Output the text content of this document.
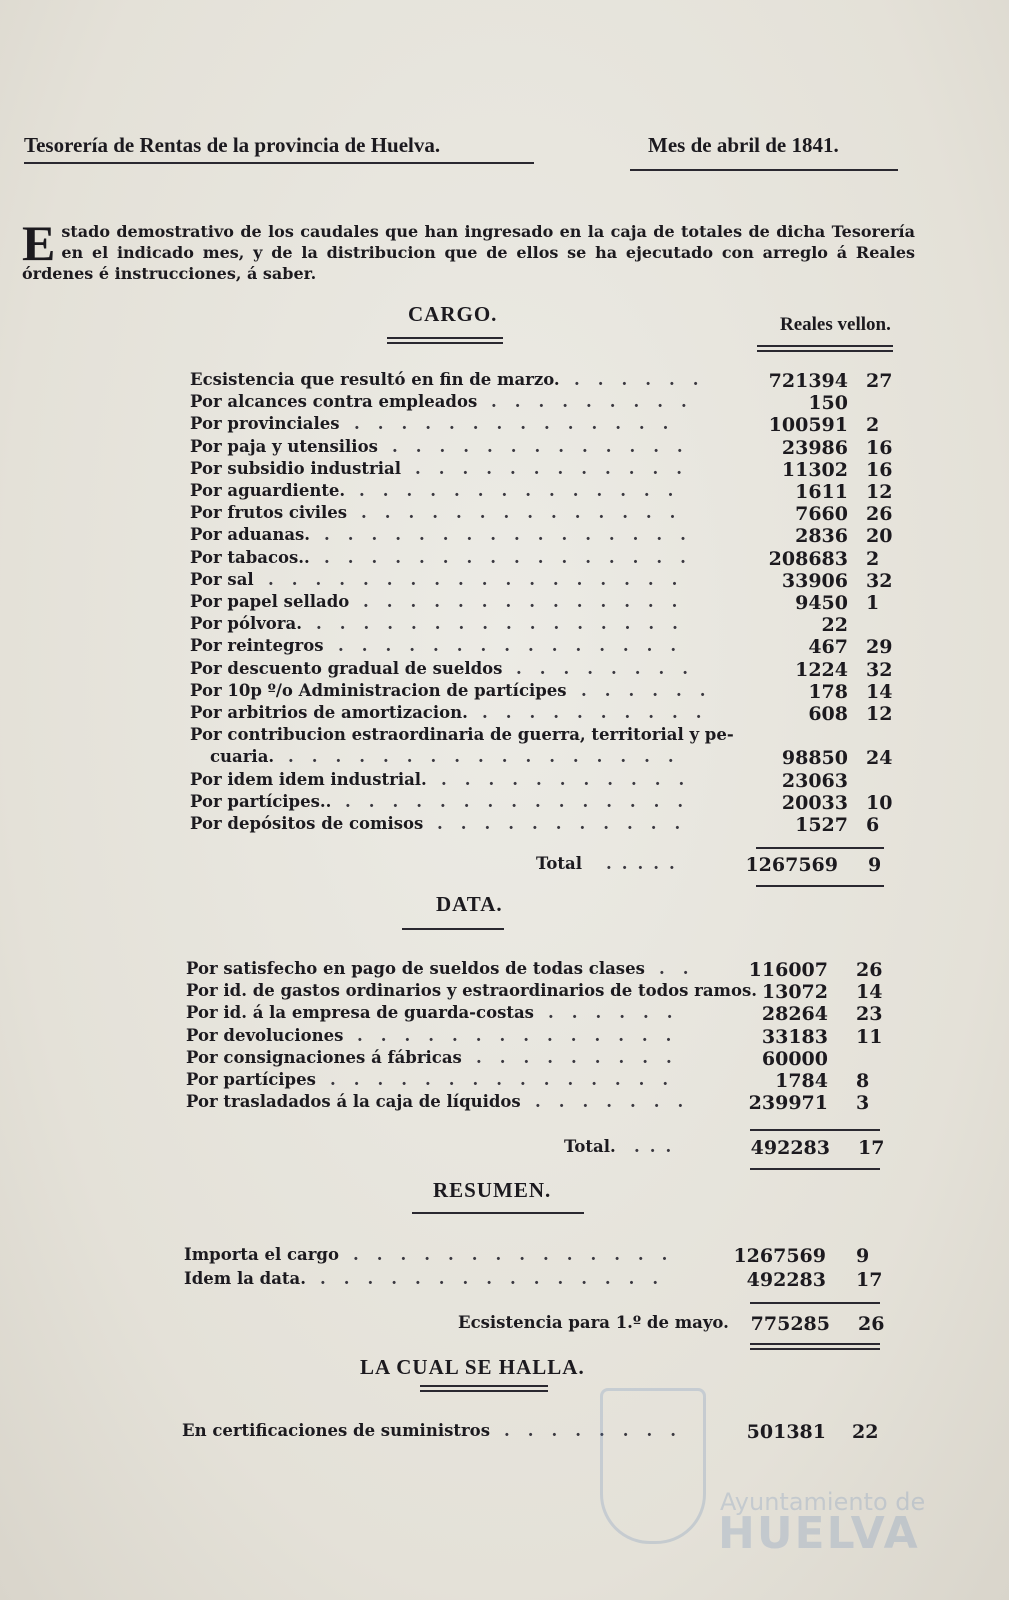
Tesorería de Rentas de la provincia de Huelva.	Mes de abril de 1841.
Estado demostrativo de los caudales que han ingresado en la caja de totales de dicha Tesorería en el indicado mes, y de la distribucion que de ellos se ha ejecutado con arreglo á Reales órdenes é instrucciones, á saber.
CARGO.	Reales vellon.
Ecsistencia que resultó en fin de marzo. ......	721394 27
Por alcances contra empleados .........	150
Por provinciales ..............	100591 2
Por paja y utensilios .............	23986 16
Por subsidio industrial ............	11302 16
Por aguardiente. ..............	1611 12
Por frutos civiles ..............	7660 26
Por aduanas. ................	2836 20
Por tabacos.. ................	208683 2
Por sal ..................	33906 32
Por papel sellado ..............	9450 1
Por pólvora. ................	22
Por reintegros ...............	467 29
Por descuento gradual de sueldos ........	1224 32
Por 10p º/o Administracion de partícipes ......	178 14
Por arbitrios de amortizacion. ..........	608 12
Por contribucion estraordinaria de guerra, territorial y pe-
cuaria. .................	98850 24
Por idem idem industrial. ...........	23063
Por partícipes.. ...............	20033 10
Por depósitos de comisos ...........	1527 6
Total .....	1267569 9
DATA.
Por satisfecho en pago de sueldos de todas clases ..	116007 26
Por id. de gastos ordinarios y estraordinarios de todos ramos. 13072 14
Por id. á la empresa de guarda-costas ......	28264 23
Por devoluciones ..............	33183 11
Por consignaciones á fábricas .........	60000
Por partícipes ...............	1784 8
Por trasladados á la caja de líquidos .......	239971 3
Total. ...	492283 17
RESUMEN.
Importa el cargo ..............	1267569 9
Idem la data. ...............	492283 17
Ecsistencia para 1.º de mayo.	775285 26
LA CUAL SE HALLA.
En certificaciones de suministros ........	501381 22
Ayuntamiento de
HUELVA
